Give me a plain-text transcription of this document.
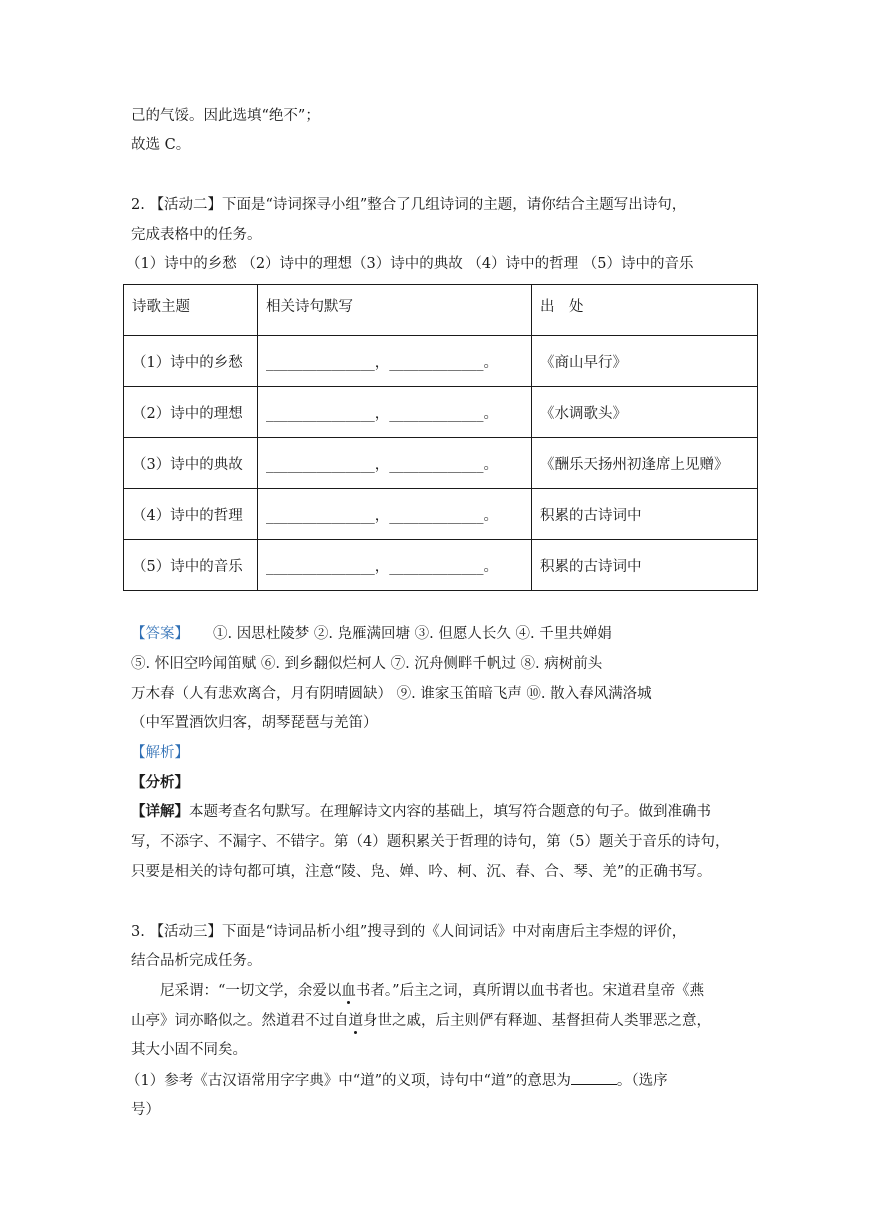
己的气馁。因此选填“绝不”；
故选 C。
2. 【活动二】下面是“诗词探寻小组”整合了几组诗词的主题，请你结合主题写出诗句，
完成表格中的任务。
（1）诗中的乡愁 （2）诗中的理想（3）诗中的典故 （4）诗中的哲理 （5）诗中的音乐
诗歌主题	相关诗句默写	出　处
（1）诗中的乡愁	_______________，_____________。	《商山早行》
（2）诗中的理想	_______________，_____________。	《水调歌头》
（3）诗中的典故	_______________，_____________。	《酬乐天扬州初逢席上见赠》
（4）诗中的哲理	_______________，_____________。	积累的古诗词中
（5）诗中的音乐	_______________，_____________。	积累的古诗词中
【答案】 ①. 因思杜陵梦 ②. 凫雁满回塘 ③. 但愿人长久 ④. 千里共婵娟
⑤. 怀旧空吟闻笛赋 ⑥. 到乡翻似烂柯人 ⑦. 沉舟侧畔千帆过 ⑧. 病树前头
万木春（人有悲欢离合，月有阴晴圆缺） ⑨. 谁家玉笛暗飞声 ⑩. 散入春风满洛城
（中军置酒饮归客，胡琴琵琶与羌笛）
【解析】
【分析】
【详解】本题考查名句默写。在理解诗文内容的基础上，填写符合题意的句子。做到准确书
写，不添字、不漏字、不错字。第（4）题积累关于哲理的诗句，第（5）题关于音乐的诗句，
只要是相关的诗句都可填，注意“陵、凫、婵、吟、柯、沉、春、合、琴、羌”的正确书写。
3. 【活动三】下面是“诗词品析小组”搜寻到的《人间词话》中对南唐后主李煜的评价，
结合品析完成任务。
尼采谓：“一切文学，余爱以血书者。”后主之词，真所谓以血书者也。宋道君皇帝《燕
山亭》词亦略似之。然道君不过自道身世之戚，后主则俨有释迦、基督担荷人类罪恶之意，
其大小固不同矣。
（1）参考《古汉语常用字字典》中“道”的义项，诗句中“道”的意思为	。（选序
号）
